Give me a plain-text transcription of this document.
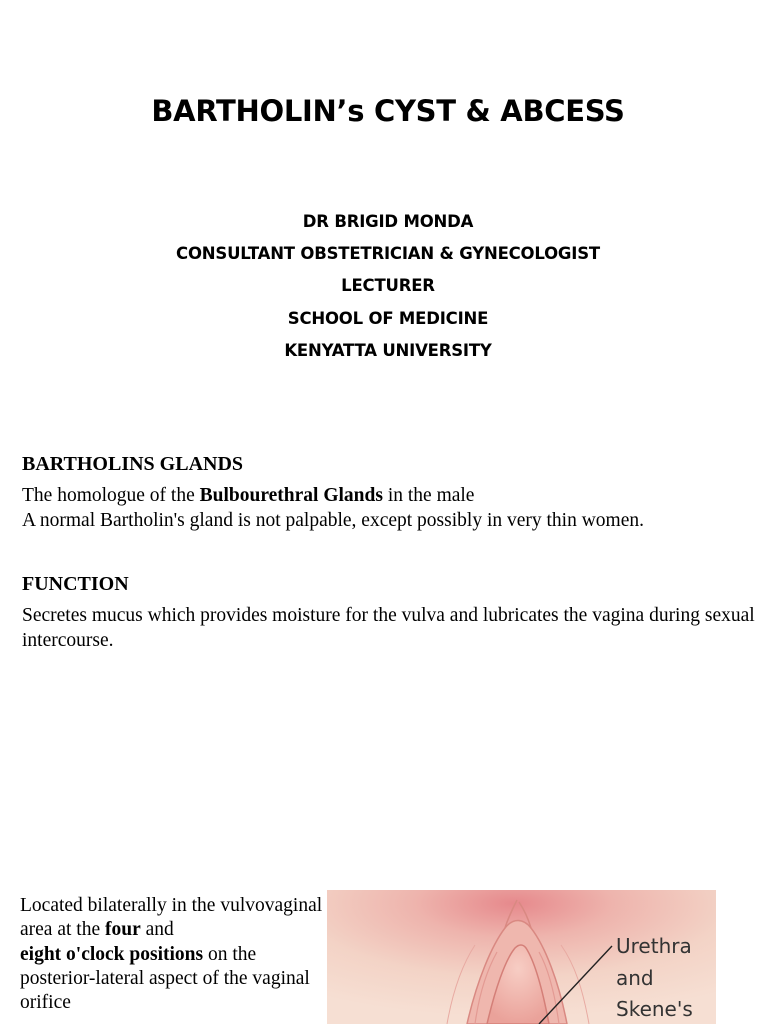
BARTHOLIN’s CYST & ABCESS
DR BRIGID MONDA
CONSULTANT OBSTETRICIAN & GYNECOLOGIST
LECTURER
SCHOOL OF MEDICINE
KENYATTA UNIVERSITY
BARTHOLINS GLANDS
The homologue of the Bulbourethral Glands in the male
A normal Bartholin's gland is not palpable, except possibly in very thin women.
FUNCTION
Secretes mucus which provides moisture for the vulva and lubricates the vagina during sexual intercourse.
Located bilaterally in the vulvovaginal area at the four and
eight o'clock positions on the posterior-lateral aspect of the vaginal orifice
Urethra
and
Skene's
